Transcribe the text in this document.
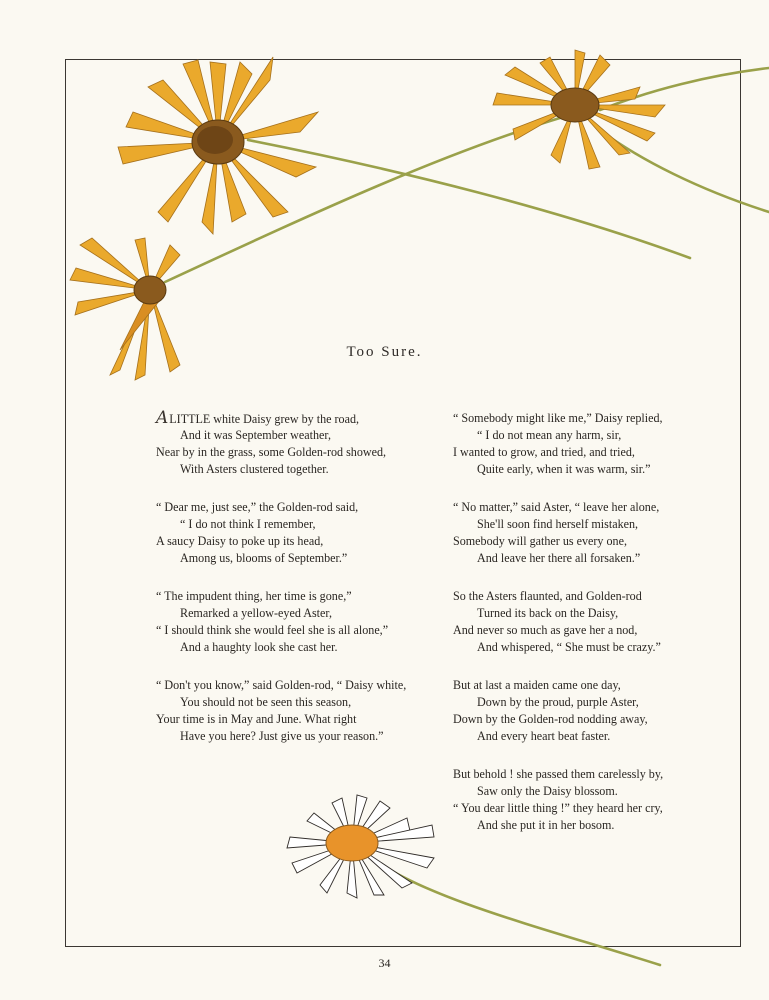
Too Sure.
ALITTLE white Daisy grew by the road,
And it was September weather,
Near by in the grass, some Golden-rod showed,
With Asters clustered together.
“ Dear me, just see,” the Golden-rod said,
“ I do not think I remember,
A saucy Daisy to poke up its head,
Among us, blooms of September.”
“ The impudent thing, her time is gone,”
Remarked a yellow-eyed Aster,
“ I should think she would feel she is all alone,”
And a haughty look she cast her.
“ Don't you know,” said Golden-rod, “ Daisy white,
You should not be seen this season,
Your time is in May and June. What right
Have you here? Just give us your reason.”
“ Somebody might like me,” Daisy replied,
“ I do not mean any harm, sir,
I wanted to grow, and tried, and tried,
Quite early, when it was warm, sir.”
“ No matter,” said Aster, “ leave her alone,
She'll soon find herself mistaken,
Somebody will gather us every one,
And leave her there all forsaken.”
So the Asters flaunted, and Golden-rod
Turned its back on the Daisy,
And never so much as gave her a nod,
And whispered, “ She must be crazy.”
But at last a maiden came one day,
Down by the proud, purple Aster,
Down by the Golden-rod nodding away,
And every heart beat faster.
But behold ! she passed them carelessly by,
Saw only the Daisy blossom.
“ You dear little thing !” they heard her cry,
And she put it in her bosom.
34
